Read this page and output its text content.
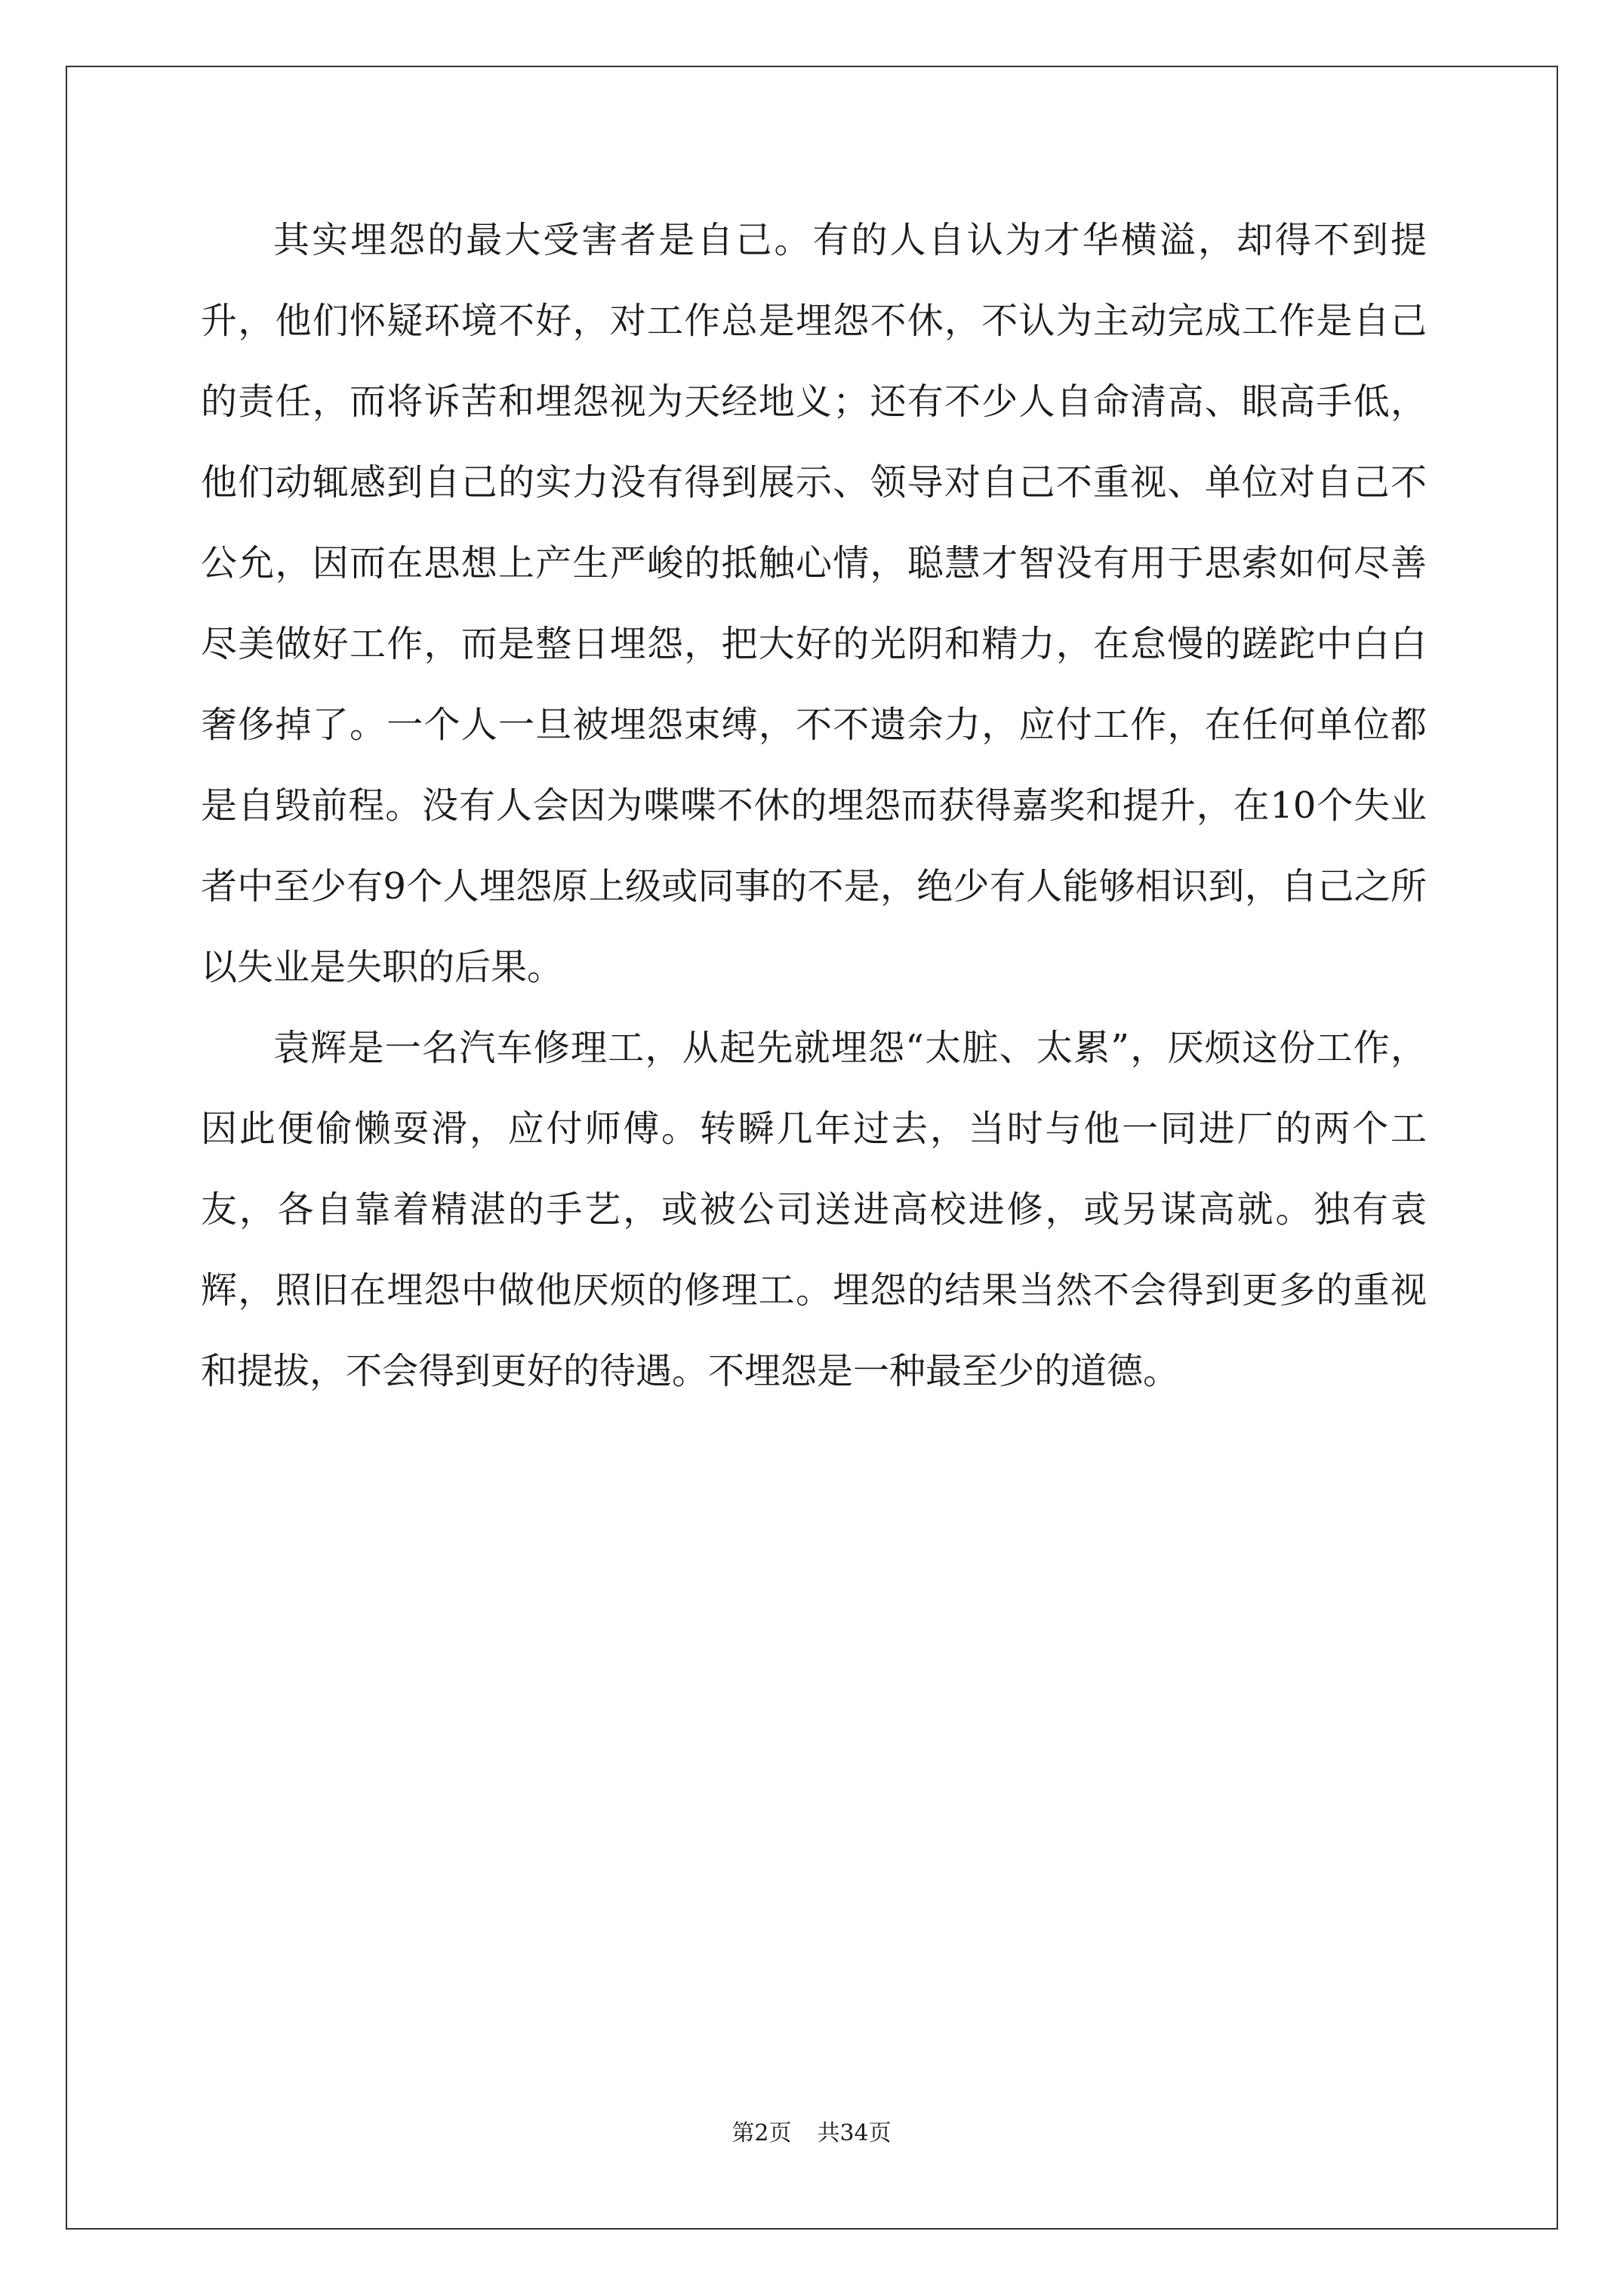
其实埋怨的最大受害者是自己。有的人自认为才华横溢，却得不到提升，他们怀疑环境不好，对工作总是埋怨不休，不认为主动完成工作是自己的责任，而将诉苦和埋怨视为天经地义；还有不少人自命清高、眼高手低，他们动辄感到自己的实力没有得到展示、领导对自己不重视、单位对自己不公允，因而在思想上产生严峻的抵触心情，聪慧才智没有用于思索如何尽善尽美做好工作，而是整日埋怨，把大好的光阴和精力，在怠慢的蹉跎中白白奢侈掉了。一个人一旦被埋怨束缚，不不遗余力，应付工作，在任何单位都是自毁前程。没有人会因为喋喋不休的埋怨而获得嘉奖和提升，在10个失业者中至少有9个人埋怨原上级或同事的不是，绝少有人能够相识到，自己之所以失业是失职的后果。

袁辉是一名汽车修理工，从起先就埋怨“太脏、太累”，厌烦这份工作，因此便偷懒耍滑，应付师傅。转瞬几年过去，当时与他一同进厂的两个工友，各自靠着精湛的手艺，或被公司送进高校进修，或另谋高就。独有袁辉，照旧在埋怨中做他厌烦的修理工。埋怨的结果当然不会得到更多的重视和提拔，不会得到更好的待遇。不埋怨是一种最至少的道德。

第2页 共34页
